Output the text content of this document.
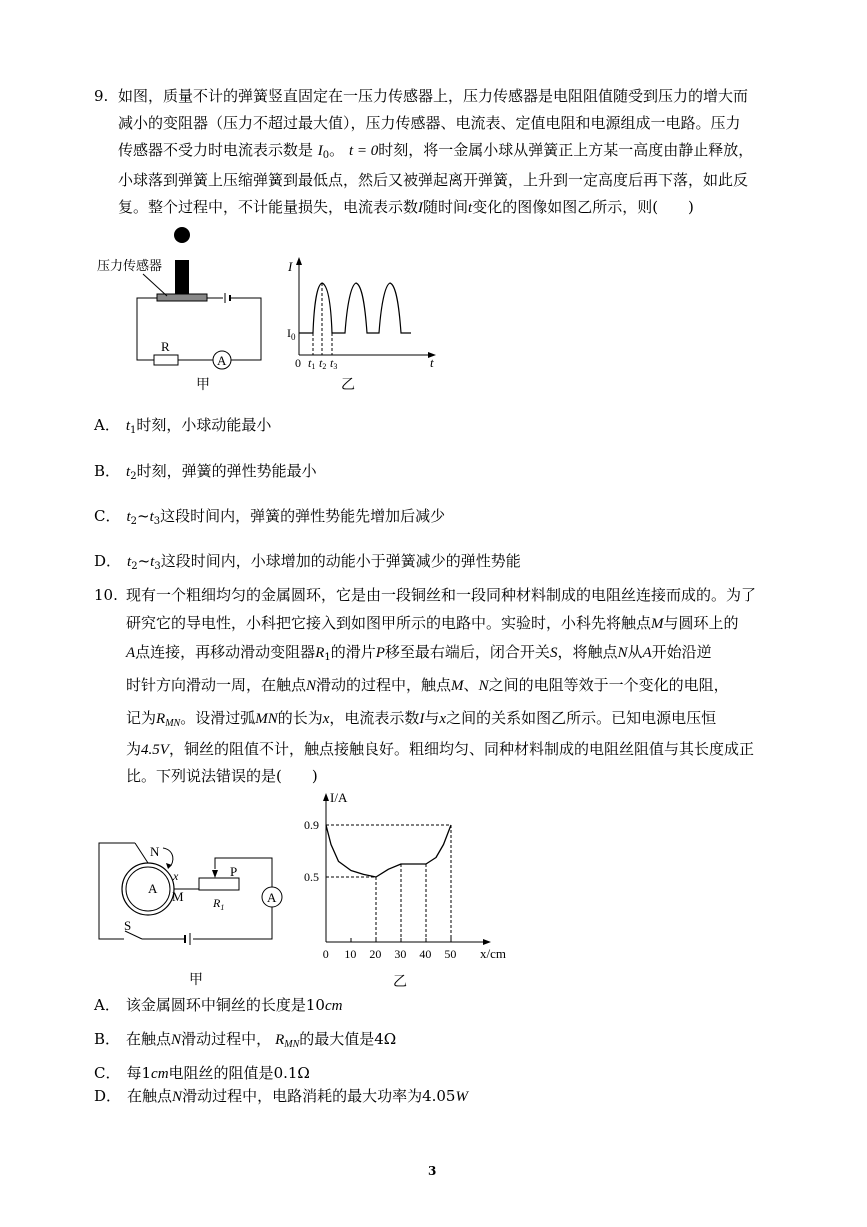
9. 如图，质量不计的弹簧竖直固定在一压力传感器上，压力传感器是电阻阻值随受到压力的增大而
减小的变阻器（压力不超过最大值），压力传感器、电流表、定值电阻和电源组成一电路。压力
传感器不受力时电流表示数是 $I_0$。 t = 0时刻，将一金属小球从弹簧正上方某一高度由静止释放，
小球落到弹簧上压缩弹簧到最低点，然后又被弹起离开弹簧，上升到一定高度后再下落，如此反
复。整个过程中，不计能量损失，电流表示数I随时间t变化的图像如图乙所示，则(　　)
压力传感器
R
A
甲
I
t
$I_0$
0 t1 t2 t3
乙
A． $t_1$时刻，小球动能最小
B． $t_2$时刻，弹簧的弹性势能最小
C． $t_2\sim t_3$这段时间内，弹簧的弹性势能先增加后减少
D． $t_2\sim t_3$这段时间内，小球增加的动能小于弹簧减少的弹性势能
10. 现有一个粗细均匀的金属圆环，它是由一段铜丝和一段同种材料制成的电阻丝连接而成的。为了
研究它的导电性，小科把它接入到如图甲所示的电路中。实验时，小科先将触点M与圆环上的
A点连接，再移动滑动变阻器$R_1$的滑片P移至最右端后，闭合开关S，将触点N从A开始沿逆
时针方向滑动一周，在触点N滑动的过程中，触点M、N之间的电阻等效于一个变化的电阻，
记为$R_{MN}$。设滑过弧MN的长为x，电流表示数I与x之间的关系如图乙所示。已知电源电压恒
为4.5V，铜丝的阻值不计，触点接触良好。粗细均匀、同种材料制成的电阻丝阻值与其长度成正
比。下列说法错误的是(　　)
N
A
x
M
P
$R_1$
A
S
甲
I/A
x/cm
乙
0 10 20 30 40 50
0.5
0.9
A． 该金属圆环中铜丝的长度是10cm
B． 在触点N滑动过程中， $R_{MN}$的最大值是4Ω
C． 每1cm电阻丝的阻值是0.1Ω
D． 在触点N滑动过程中，电路消耗的最大功率为4.05W
3
